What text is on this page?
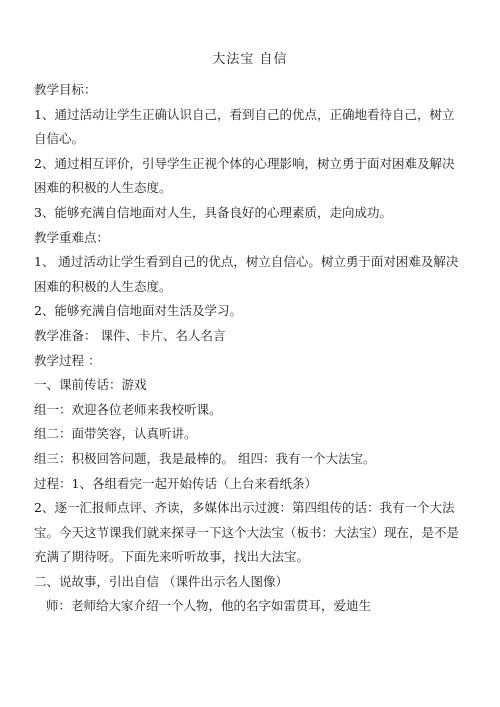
大法宝 自信

教学目标：

1、通过活动让学生正确认识自己，看到自己的优点，正确地看待自己，树立自信心。

2、通过相互评价，引导学生正视个体的心理影响，树立勇于面对困难及解决困难的积极的人生态度。

3、能够充满自信地面对人生，具备良好的心理素质，走向成功。

教学重难点：

1、 通过活动让学生看到自己的优点，树立自信心。树立勇于面对困难及解决困难的积极的人生态度。

2、能够充满自信地面对生活及学习。

教学准备： 课件、卡片、名人名言

教学过程 ：

一、课前传话：游戏

组一：欢迎各位老师来我校听课。

组二：面带笑容，认真听讲。

组三：积极回答问题，我是最棒的。 组四：我有一个大法宝。

过程：1、各组看完一起开始传话（上台来看纸条）

2、逐一汇报师点评、齐读，多媒体出示过渡：第四组传的话：我有一个大法宝。今天这节课我们就来探寻一下这个大法宝（板书：大法宝）现在，是不是充满了期待呀。下面先来听听故事，找出大法宝。

二、说故事，引出自信 （课件出示名人图像）

师：老师给大家介绍一个人物，他的名字如雷贯耳，爱迪生
